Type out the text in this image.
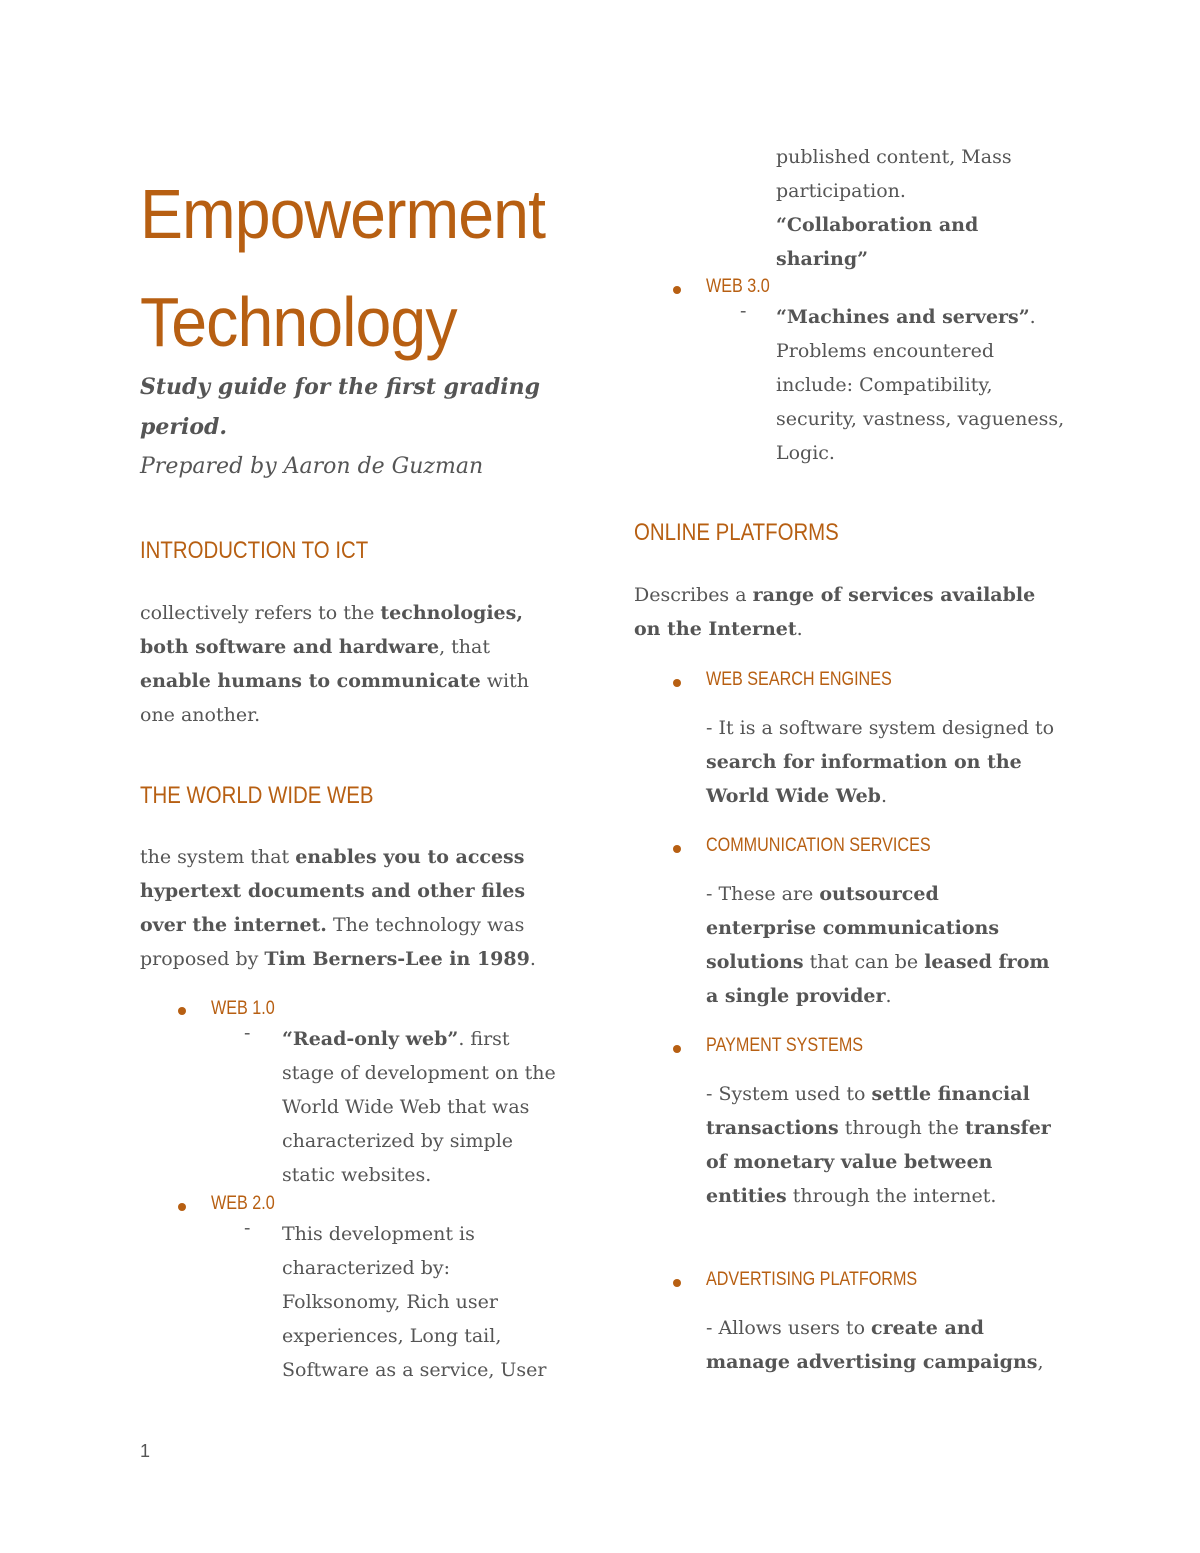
Empowerment
Technology
Study guide for the first grading period.
Prepared by Aaron de Guzman
INTRODUCTION TO ICT
collectively refers to the technologies, both software and hardware, that enable humans to communicate with one another.
THE WORLD WIDE WEB
the system that enables you to access hypertext documents and other files over the internet. The technology was proposed by Tim Berners-Lee in 1989.
WEB 1.0
- “Read-only web”. first stage of development on the World Wide Web that was characterized by simple static websites.
WEB 2.0
- This development is characterized by: Folksonomy, Rich user experiences, Long tail, Software as a service, User
published content, Mass participation.
“Collaboration and sharing”
WEB 3.0
- “Machines and servers”. Problems encountered include: Compatibility, security, vastness, vagueness, Logic.
ONLINE PLATFORMS
Describes a range of services available on the Internet.
WEB SEARCH ENGINES
- It is a software system designed to search for information on the World Wide Web.
COMMUNICATION SERVICES
- These are outsourced enterprise communications solutions that can be leased from a single provider.
PAYMENT SYSTEMS
- System used to settle financial transactions through the transfer of monetary value between entities through the internet.
ADVERTISING PLATFORMS
- Allows users to create and manage advertising campaigns,
1
